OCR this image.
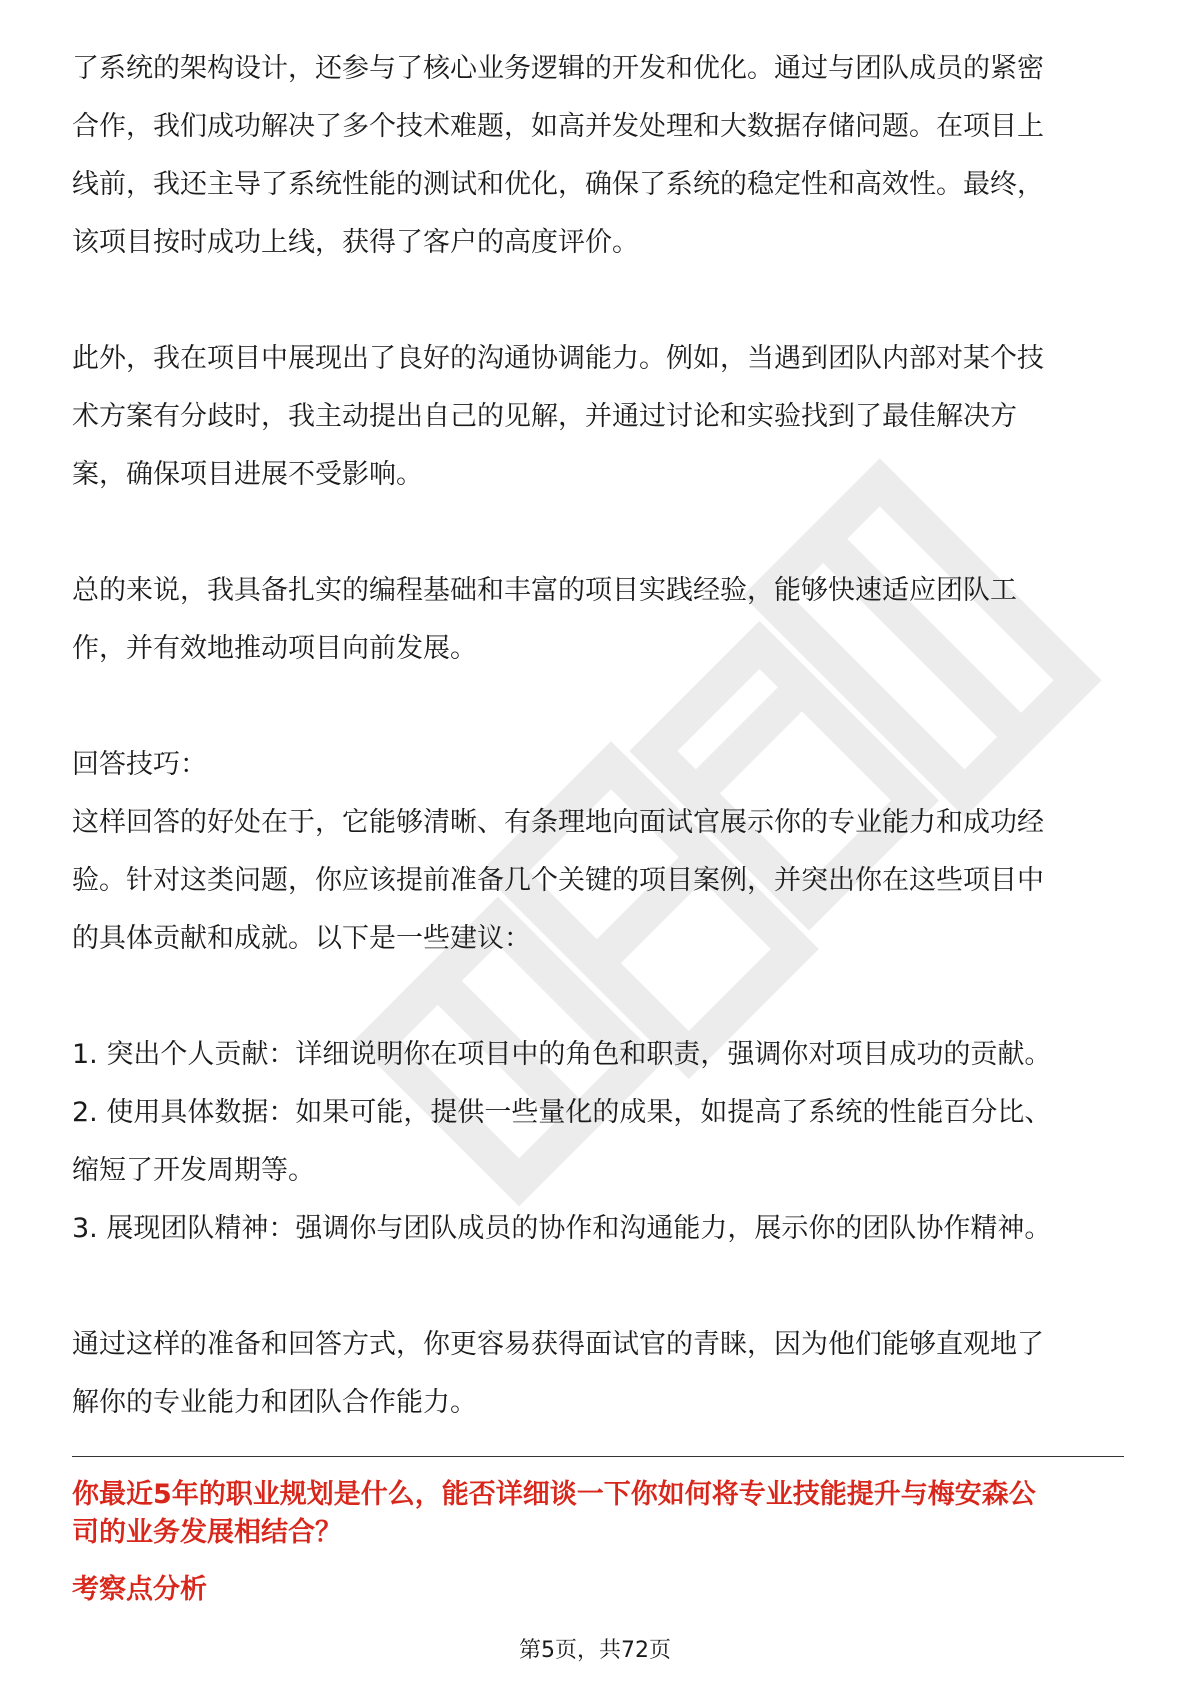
了系统的架构设计，还参与了核心业务逻辑的开发和优化。通过与团队成员的紧密

合作，我们成功解决了多个技术难题，如高并发处理和大数据存储问题。在项目上

线前，我还主导了系统性能的测试和优化，确保了系统的稳定性和高效性。最终，

该项目按时成功上线，获得了客户的高度评价。

此外，我在项目中展现出了良好的沟通协调能力。例如，当遇到团队内部对某个技

术方案有分歧时，我主动提出自己的见解，并通过讨论和实验找到了最佳解决方

案，确保项目进展不受影响。

总的来说，我具备扎实的编程基础和丰富的项目实践经验，能够快速适应团队工

作，并有效地推动项目向前发展。

回答技巧：

这样回答的好处在于，它能够清晰、有条理地向面试官展示你的专业能力和成功经

验。针对这类问题，你应该提前准备几个关键的项目案例，并突出你在这些项目中

的具体贡献和成就。以下是一些建议：

1. 突出个人贡献：详细说明你在项目中的角色和职责，强调你对项目成功的贡献。

2. 使用具体数据：如果可能，提供一些量化的成果，如提高了系统的性能百分比、

缩短了开发周期等。

3. 展现团队精神：强调你与团队成员的协作和沟通能力，展示你的团队协作精神。

通过这样的准备和回答方式，你更容易获得面试官的青睐，因为他们能够直观地了

解你的专业能力和团队合作能力。

你最近5年的职业规划是什么，能否详细谈一下你如何将专业技能提升与梅安森公
司的业务发展相结合？

考察点分析

第5页，共72页
